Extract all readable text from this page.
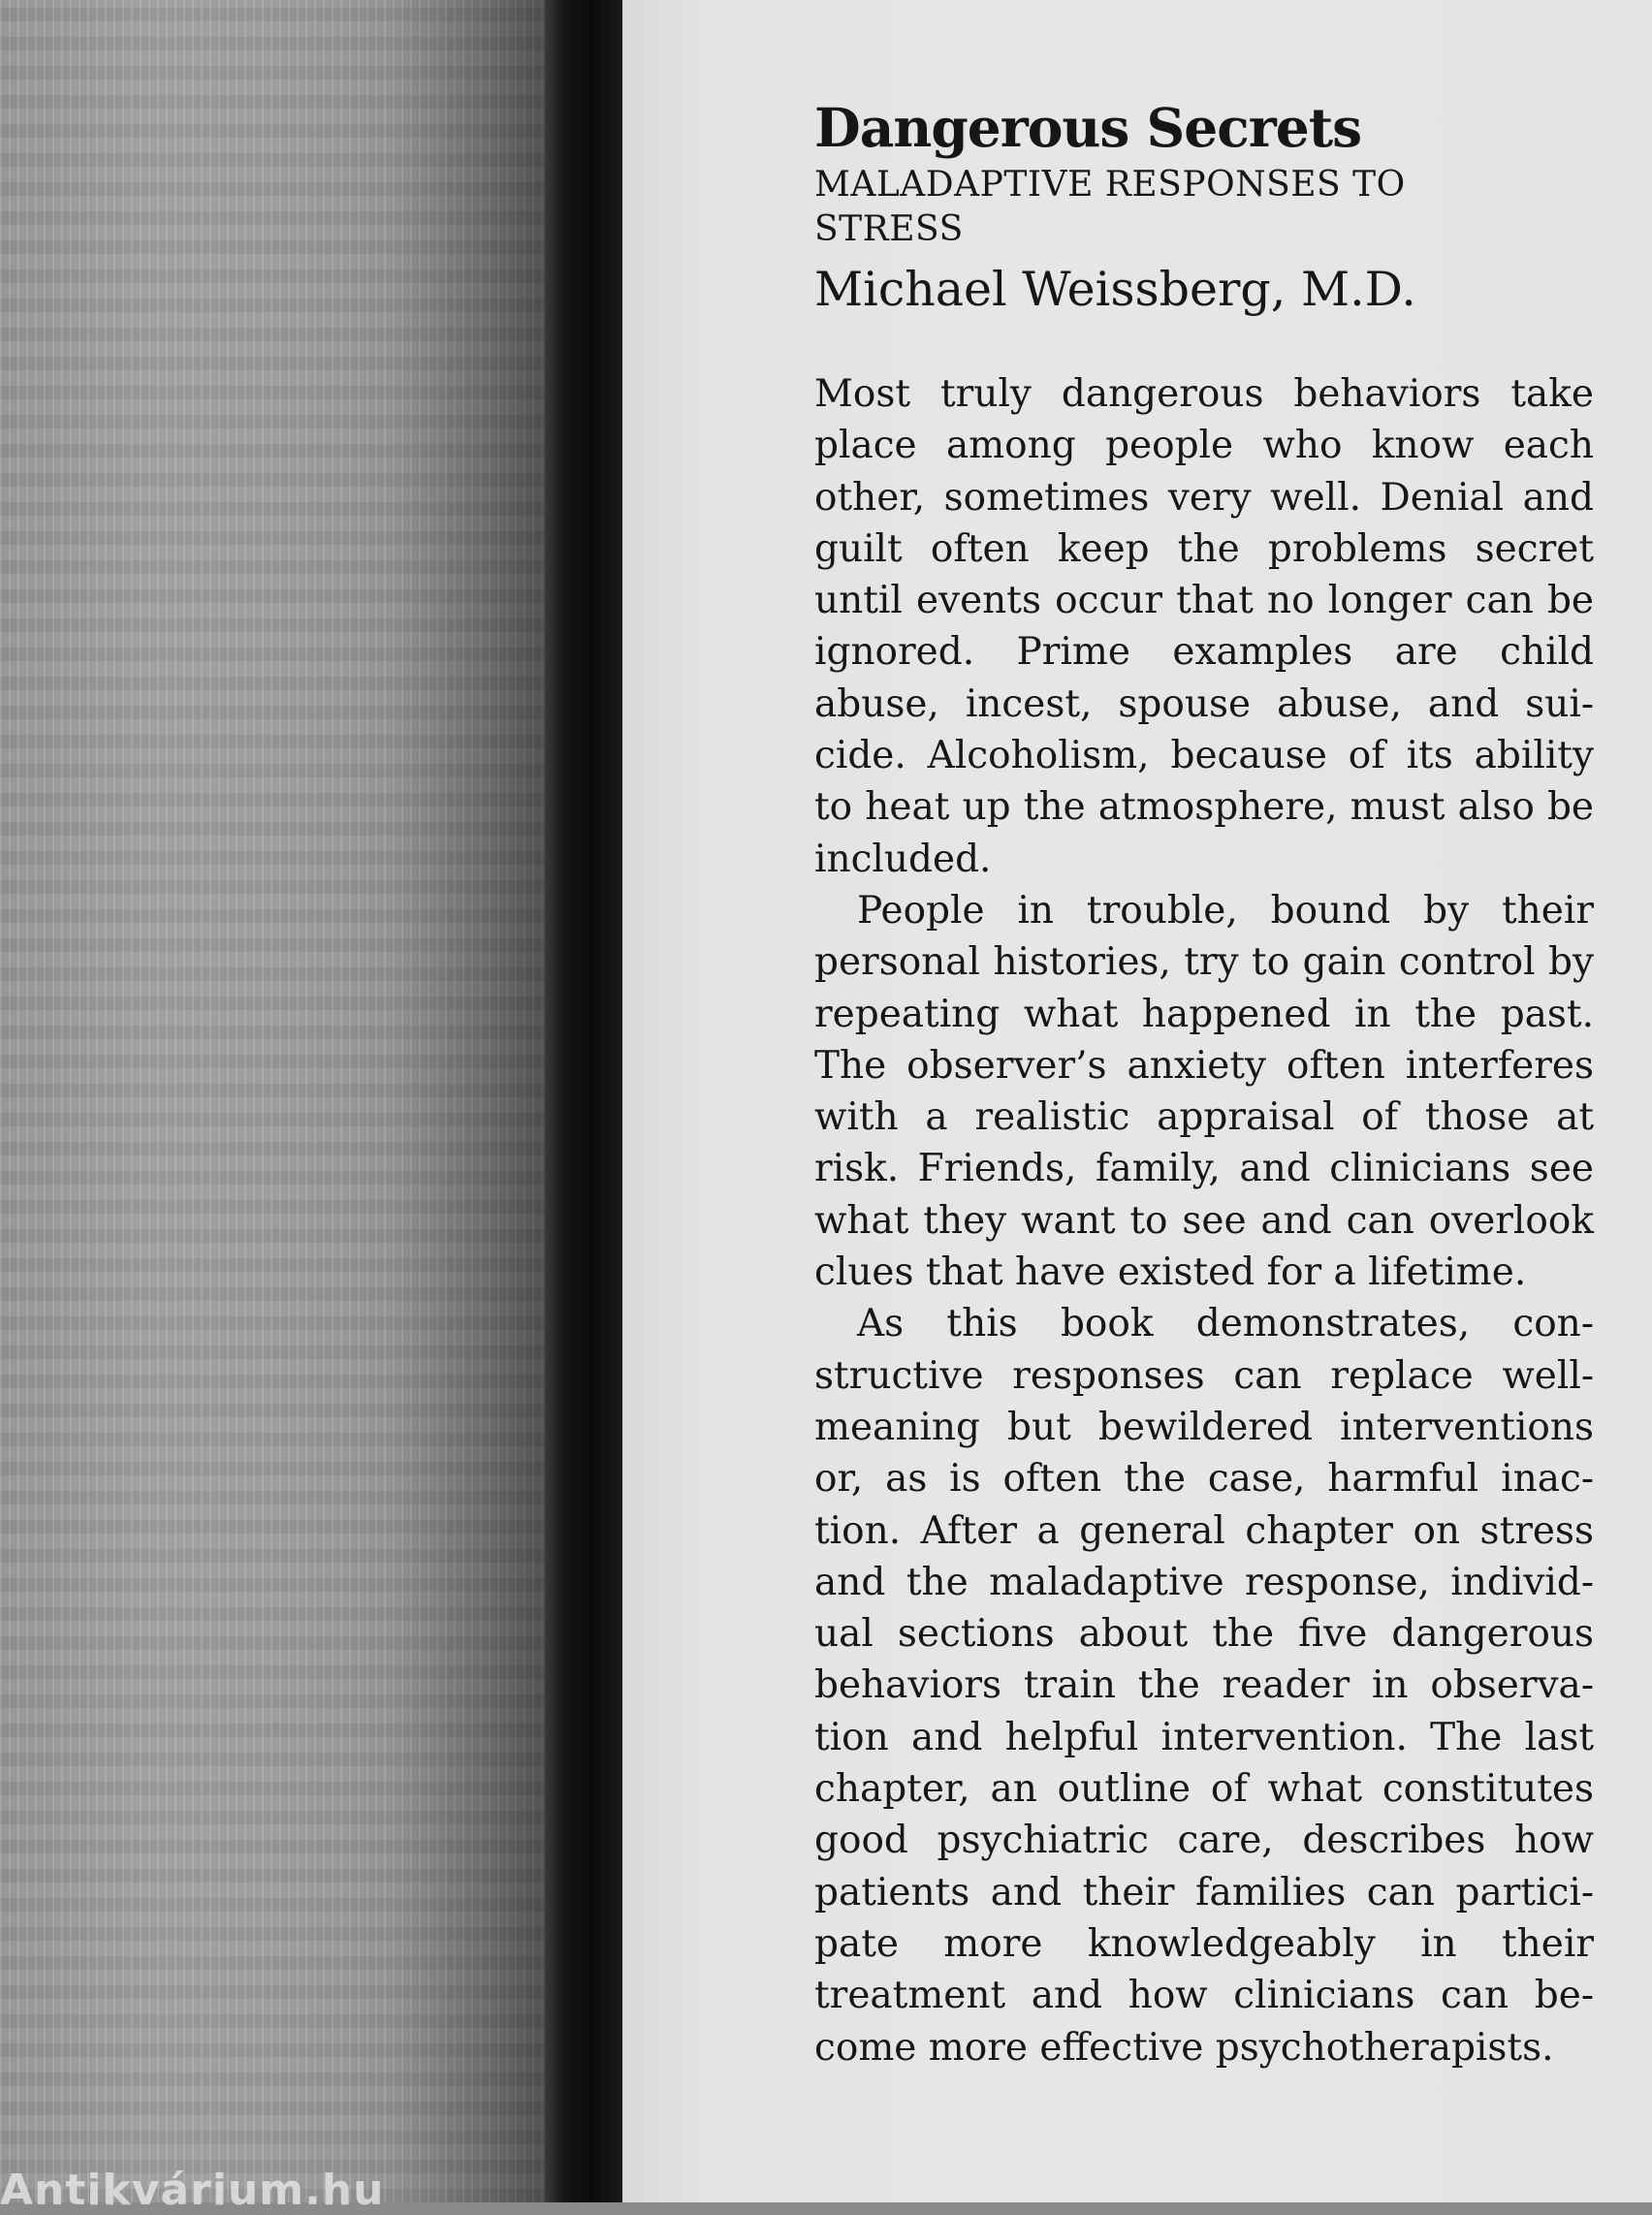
Antikvárium.hu
Dangerous Secrets
MALADAPTIVE RESPONSES TO STRESS
Michael Weissberg, M.D.

Most truly dangerous behaviors take place among people who know each other, sometimes very well. Denial and guilt often keep the problems secret until events occur that no longer can be ignored. Prime examples are child abuse, incest, spouse abuse, and suicide. Alcoholism, because of its ability to heat up the atmosphere, must also be included.

People in trouble, bound by their personal histories, try to gain control by repeating what happened in the past. The observer’s anxiety often interferes with a realistic appraisal of those at risk. Friends, family, and clinicians see what they want to see and can overlook clues that have existed for a lifetime.

As this book demonstrates, constructive responses can replace well-meaning but bewildered interventions or, as is often the case, harmful inaction. After a general chapter on stress and the maladaptive response, individual sections about the five dangerous behaviors train the reader in observation and helpful intervention. The last chapter, an outline of what constitutes good psychiatric care, describes how patients and their families can participate more knowledgeably in their treatment and how clinicians can become more effective psychotherapists.
